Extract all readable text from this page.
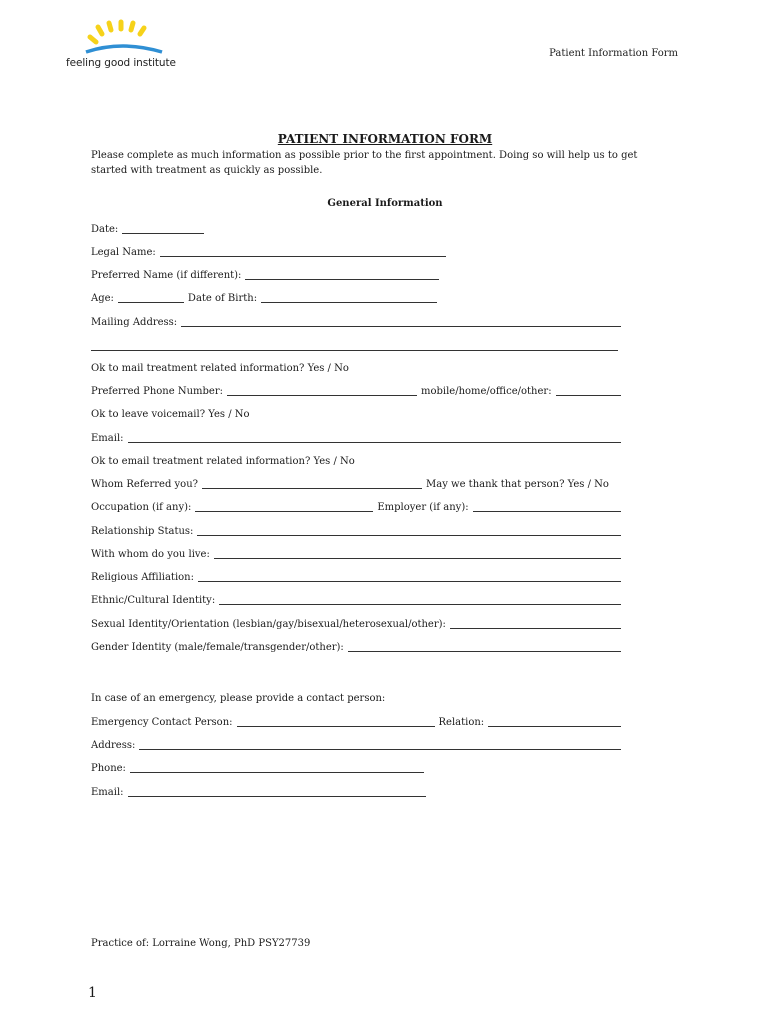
feeling good institute
Patient Information Form
PATIENT INFORMATION FORM
Please complete as much information as possible prior to the first appointment. Doing so will help us to get started with treatment as quickly as possible.
General Information
Date:
Legal Name:
Preferred Name (if different):
Age:	Date of Birth:
Mailing Address:
Ok to mail treatment related information? Yes / No
Preferred Phone Number:	mobile/home/office/other:
Ok to leave voicemail? Yes / No
Email:
Ok to email treatment related information? Yes / No
Whom Referred you?	May we thank that person? Yes / No
Occupation (if any):	Employer (if any):
Relationship Status:
With whom do you live:
Religious Affiliation:
Ethnic/Cultural Identity:
Sexual Identity/Orientation (lesbian/gay/bisexual/heterosexual/other):
Gender Identity (male/female/transgender/other):
In case of an emergency, please provide a contact person:
Emergency Contact Person:	Relation:
Address:
Phone:
Email:
Practice of: Lorraine Wong, PhD PSY27739
1
